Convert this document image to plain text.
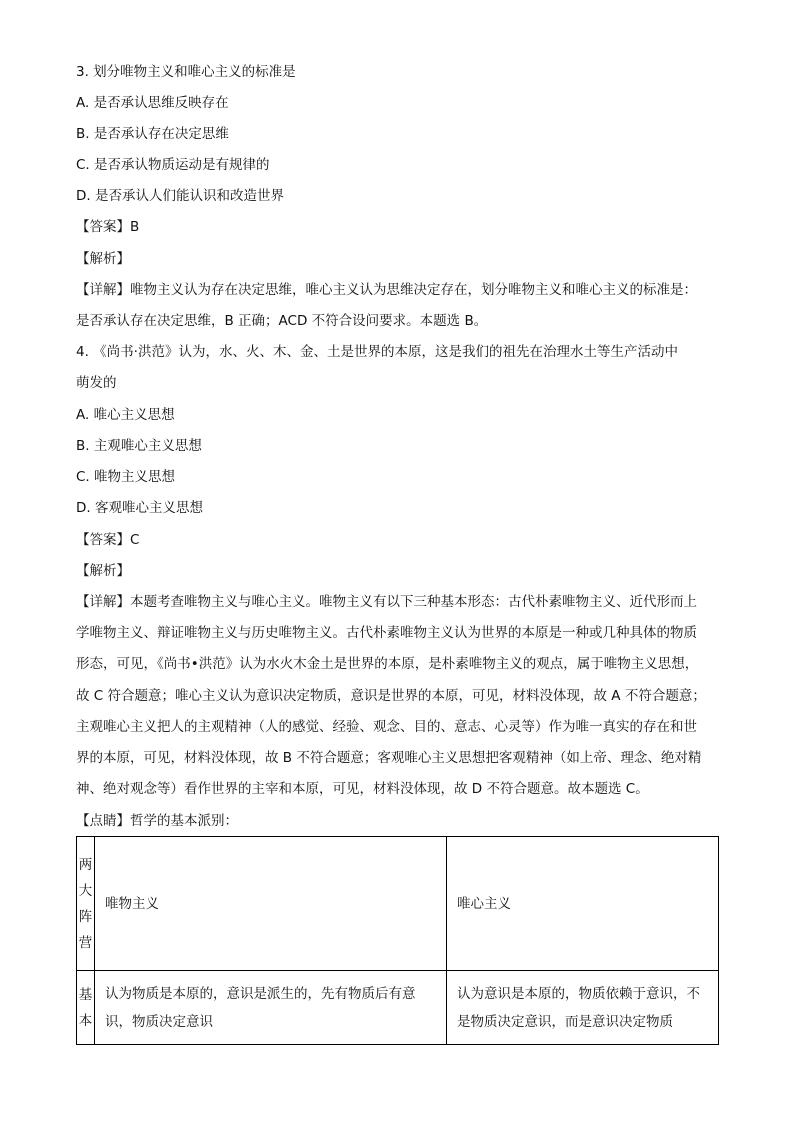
3. 划分唯物主义和唯心主义的标准是
A. 是否承认思维反映存在
B. 是否承认存在决定思维
C. 是否承认物质运动是有规律的
D. 是否承认人们能认识和改造世界
【答案】B
【解析】
【详解】唯物主义认为存在决定思维，唯心主义认为思维决定存在，划分唯物主义和唯心主义的标准是：
是否承认存在决定思维，B 正确；ACD 不符合设问要求。本题选 B。
4. 《尚书·洪范》认为，水、火、木、金、土是世界的本原，这是我们的祖先在治理水土等生产活动中
萌发的
A. 唯心主义思想
B. 主观唯心主义思想
C. 唯物主义思想
D. 客观唯心主义思想
【答案】C
【解析】
【详解】本题考查唯物主义与唯心主义。唯物主义有以下三种基本形态：古代朴素唯物主义、近代形而上
学唯物主义、辩证唯物主义与历史唯物主义。古代朴素唯物主义认为世界的本原是一种或几种具体的物质
形态，可见，《尚书•洪范》认为水火木金土是世界的本原，是朴素唯物主义的观点，属于唯物主义思想，
故 C 符合题意；唯心主义认为意识决定物质，意识是世界的本原，可见，材料没体现，故 A 不符合题意；
主观唯心主义把人的主观精神（人的感觉、经验、观念、目的、意志、心灵等）作为唯一真实的存在和世
界的本原，可见，材料没体现，故 B 不符合题意；客观唯心主义思想把客观精神（如上帝、理念、绝对精
神、绝对观念等）看作世界的主宰和本原，可见，材料没体现，故 D 不符合题意。故本题选 C。
【点睛】哲学的基本派别：
两
大
阵
营	唯物主义	唯心主义

基
本	认为物质是本原的，意识是派生的，先有物质后有意识，物质决定意识	认为意识是本原的，物质依赖于意识，不是物质决定意识，而是意识决定物质
